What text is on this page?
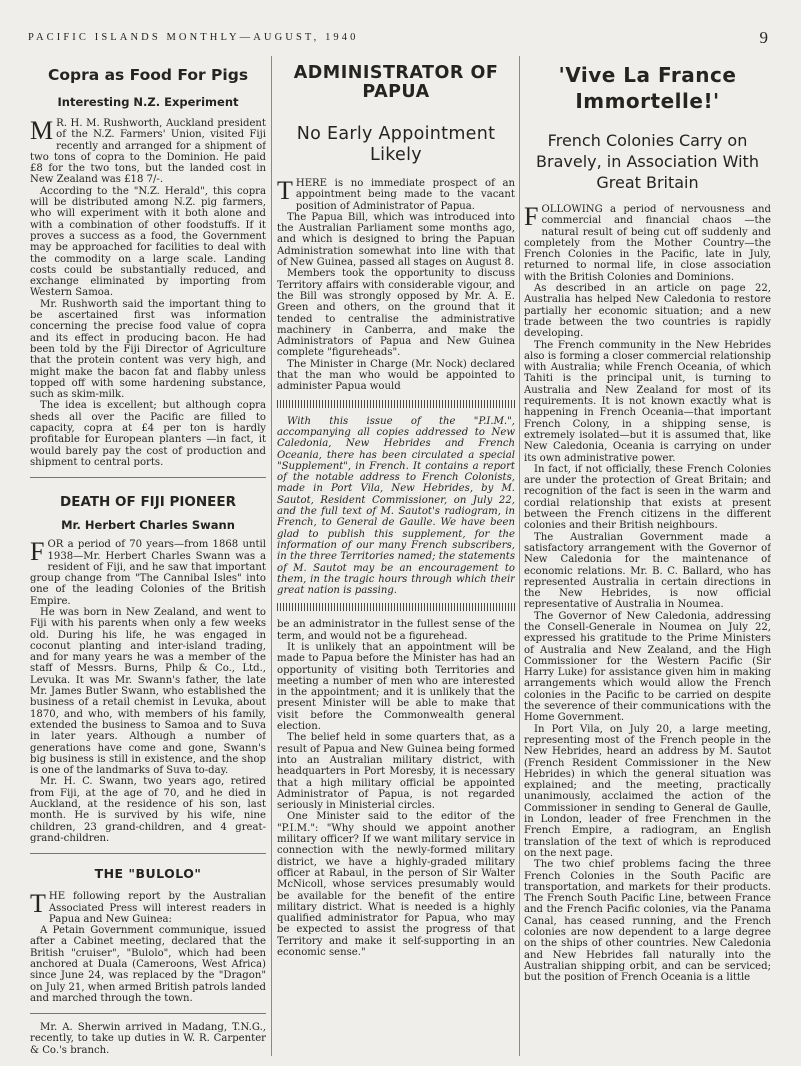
PACIFIC ISLANDS MONTHLY—AUGUST, 1940	9
Copra as Food For Pigs
Interesting N.Z. Experiment

M R. H. M. Rushworth, Auckland president of the N.Z. Farmers' Union, visited Fiji recently and arranged for a shipment of two tons of copra to the Dominion. He paid £8 for the two tons, but the landed cost in New Zealand was £18 7/-.

According to the "N.Z. Herald", this copra will be distributed among N.Z. pig farmers, who will experiment with it both alone and with a combination of other foodstuffs. If it proves a success as a food, the Government may be approached for facilities to deal with the commodity on a large scale. Landing costs could be substantially reduced, and exchange eliminated by importing from Western Samoa.

Mr. Rushworth said the important thing to be ascertained first was information concerning the precise food value of copra and its effect in producing bacon. He had been told by the Fiji Director of Agriculture that the protein content was very high, and might make the bacon fat and flabby unless topped off with some hardening substance, such as skim-milk.

The idea is excellent; but although copra sheds all over the Pacific are filled to capacity, copra at £4 per ton is hardly profitable for European planters —in fact, it would barely pay the cost of production and shipment to central ports.

DEATH OF FIJI PIONEER
Mr. Herbert Charles Swann

FOR a period of 70 years—from 1868 until 1938—Mr. Herbert Charles Swann was a resident of Fiji, and he saw that important group change from "The Cannibal Isles" into one of the leading Colonies of the British Empire.

He was born in New Zealand, and went to Fiji with his parents when only a few weeks old. During his life, he was engaged in coconut planting and inter-island trading, and for many years he was a member of the staff of Messrs. Burns, Philp & Co., Ltd., Levuka. It was Mr. Swann's father, the late Mr. James Butler Swann, who established the business of a retail chemist in Levuka, about 1870, and who, with members of his family, extended the business to Samoa and to Suva in later years. Although a number of generations have come and gone, Swann's big business is still in existence, and the shop is one of the landmarks of Suva to-day.

Mr. H. C. Swann, two years ago, retired from Fiji, at the age of 70, and he died in Auckland, at the residence of his son, last month. He is survived by his wife, nine children, 23 grand-children, and 4 great-grand-children.

THE "BULOLO"

THE following report by the Australian Associated Press will interest readers in Papua and New Guinea:

A Petain Government communique, issued after a Cabinet meeting, declared that the British "cruiser", "Bulolo", which had been anchored at Duala (Cameroons, West Africa) since June 24, was replaced by the "Dragon" on July 21, when armed British patrols landed and marched through the town.

Mr. A. Sherwin arrived in Madang, T.N.G., recently, to take up duties in W. R. Carpenter & Co.'s branch.

ADMINISTRATOR OF PAPUA
No Early Appointment Likely

THERE is no immediate prospect of an appointment being made to the vacant position of Administrator of Papua.

The Papua Bill, which was introduced into the Australian Parliament some months ago, and which is designed to bring the Papuan Administration somewhat into line with that of New Guinea, passed all stages on August 8.

Members took the opportunity to discuss Territory affairs with considerable vigour, and the Bill was strongly opposed by Mr. A. E. Green and others, on the ground that it tended to centralise the administrative machinery in Canberra, and make the Administrators of Papua and New Guinea complete "figureheads".

The Minister in Charge (Mr. Nock) declared that the man who would be appointed to administer Papua would

With this issue of the "P.I.M.", accompanying all copies addressed to New Caledonia, New Hebrides and French Oceania, there has been circulated a special "Supplement", in French. It contains a report of the notable address to French Colonists, made in Port Vila, New Hebrides, by M. Sautot, Resident Commissioner, on July 22, and the full text of M. Sautot's radiogram, in French, to General de Gaulle. We have been glad to publish this supplement, for the information of our many French subscribers, in the three Territories named; the statements of M. Sautot may be an encouragement to them, in the tragic hours through which their great nation is passing.

be an administrator in the fullest sense of the term, and would not be a figurehead.

It is unlikely that an appointment will be made to Papua before the Minister has had an opportunity of visiting both Territories and meeting a number of men who are interested in the appointment; and it is unlikely that the present Minister will be able to make that visit before the Commonwealth general election.

The belief held in some quarters that, as a result of Papua and New Guinea being formed into an Australian military district, with headquarters in Port Moresby, it is necessary that a high military official be appointed Administrator of Papua, is not regarded seriously in Ministerial circles.

One Minister said to the editor of the "P.I.M.": "Why should we appoint another military officer? If we want military service in connection with the newly-formed military district, we have a highly-graded military officer at Rabaul, in the person of Sir Walter McNicoll, whose services presumably would be available for the benefit of the entire military district. What is needed is a highly qualified administrator for Papua, who may be expected to assist the progress of that Territory and make it self-supporting in an economic sense."

'Vive La France Immortelle!'
French Colonies Carry on Bravely, in Association With Great Britain

FOLLOWING a period of nervousness and commercial and financial chaos —the natural result of being cut off suddenly and completely from the Mother Country—the French Colonies in the Pacific, late in July, returned to normal life, in close association with the British Colonies and Dominions.

As described in an article on page 22, Australia has helped New Caledonia to restore partially her economic situation; and a new trade between the two countries is rapidly developing.

The French community in the New Hebrides also is forming a closer commercial relationship with Australia; while French Oceania, of which Tahiti is the principal unit, is turning to Australia and New Zealand for most of its requirements. It is not known exactly what is happening in French Oceania—that important French Colony, in a shipping sense, is extremely isolated—but it is assumed that, like New Caledonia, Oceania is carrying on under its own administrative power.

In fact, if not officially, these French Colonies are under the protection of Great Britain; and recognition of the fact is seen in the warm and cordial relationship that exists at present between the French citizens in the different colonies and their British neighbours.

The Australian Government made a satisfactory arrangement with the Governor of New Caledonia for the maintenance of economic relations. Mr. B. C. Ballard, who has represented Australia in certain directions in the New Hebrides, is now official representative of Australia in Noumea.

The Governor of New Caledonia, addressing the Consell-Generale in Noumea on July 22, expressed his gratitude to the Prime Ministers of Australia and New Zealand, and the High Commissioner for the Western Pacific (Sir Harry Luke) for assistance given him in making arrangements which would allow the French colonies in the Pacific to be carried on despite the severence of their communications with the Home Government.

In Port Vila, on July 20, a large meeting, representing most of the French people in the New Hebrides, heard an address by M. Sautot (French Resident Commissioner in the New Hebrides) in which the general situation was explained; and the meeting, practically unanimously, acclaimed the action of the Commissioner in sending to General de Gaulle, in London, leader of free Frenchmen in the French Empire, a radiogram, an English translation of the text of which is reproduced on the next page.

The two chief problems facing the three French Colonies in the South Pacific are transportation, and markets for their products. The French South Pacific Line, between France and the French Pacific colonies, via the Panama Canal, has ceased running, and the French colonies are now dependent to a large degree on the ships of other countries. New Caledonia and New Hebrides fall naturally into the Australian shipping orbit, and can be serviced; but the position of French Oceania is a little
